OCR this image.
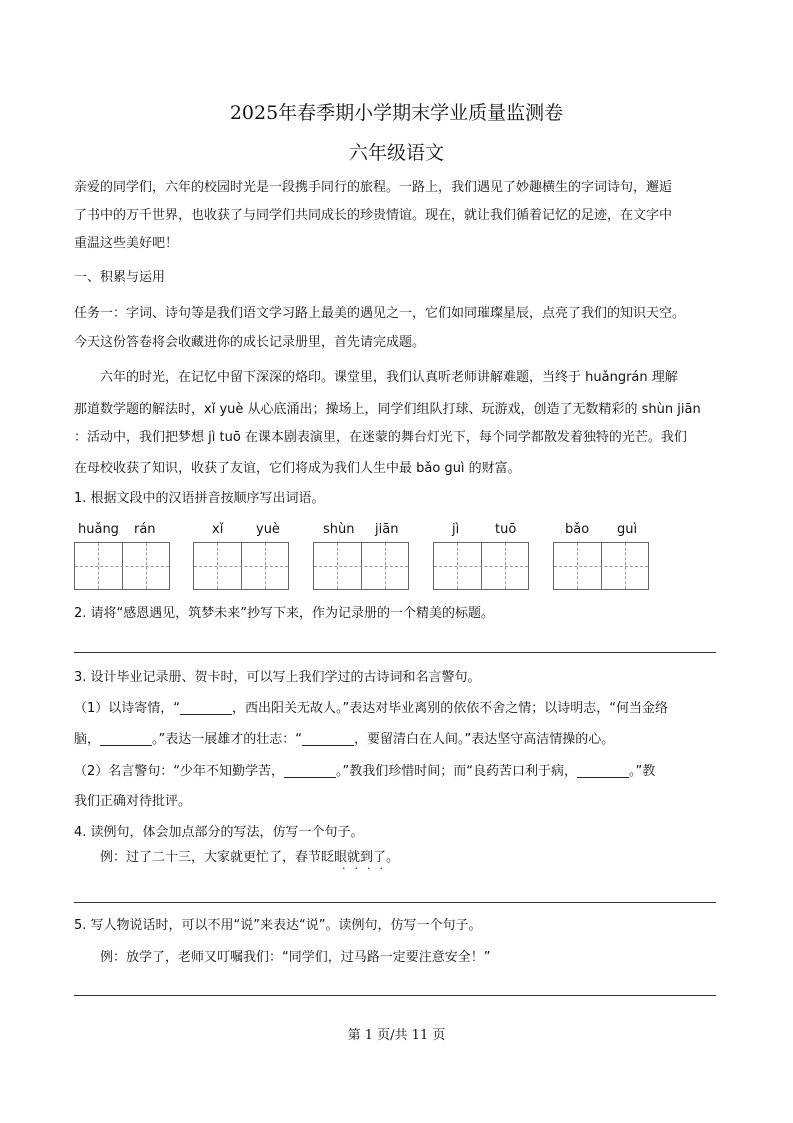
2025年春季期小学期末学业质量监测卷
六年级语文
亲爱的同学们，六年的校园时光是一段携手同行的旅程。一路上，我们遇见了妙趣横生的字词诗句，邂逅
了书中的万千世界，也收获了与同学们共同成长的珍贵情谊。现在，就让我们循着记忆的足迹，在文字中
重温这些美好吧！
一、积累与运用
任务一：字词、诗句等是我们语文学习路上最美的遇见之一，它们如同璀璨星辰，点亮了我们的知识天空。
今天这份答卷将会收藏进你的成长记录册里，首先请完成题。
六年的时光，在记忆中留下深深的烙印。课堂里，我们认真听老师讲解难题，当终于 huǎngrán 理解
那道数学题的解法时，xǐ yuè 从心底涌出；操场上，同学们组队打球、玩游戏，创造了无数精彩的 shùn jiān
：活动中，我们把梦想 jì tuō 在课本剧表演里，在迷蒙的舞台灯光下，每个同学都散发着独特的光芒。我们
在母校收获了知识，收获了友谊，它们将成为我们人生中最 bǎo guì 的财富。
1. 根据文段中的汉语拼音按顺序写出词语。
huǎng rán	xǐ	yuè	shùn jiān	jì	tuō	bǎo guì
2. 请将“感恩遇见，筑梦未来”抄写下来，作为记录册的一个精美的标题。
3. 设计毕业记录册、贺卡时，可以写上我们学过的古诗词和名言警句。
（1）以诗寄情，“________，西出阳关无故人。”表达对毕业离别的依依不舍之情；以诗明志，“何当金络
脑，________。”表达一展雄才的壮志：“________，要留清白在人间。”表达坚守高洁情操的心。
（2）名言警句：“少年不知勤学苦，________。”教我们珍惜时间；而“良药苦口利于病，________。”教
我们正确对待批评。
4. 读例句，体会加点部分的写法，仿写一个句子。
例：过了二十三，大家就更忙了，春节眨眼就到了。
····
5. 写人物说话时，可以不用“说”来表达“说”。读例句，仿写一个句子。
例：放学了，老师又叮嘱我们：“同学们，过马路一定要注意安全！”
第 1 页/共 11 页
